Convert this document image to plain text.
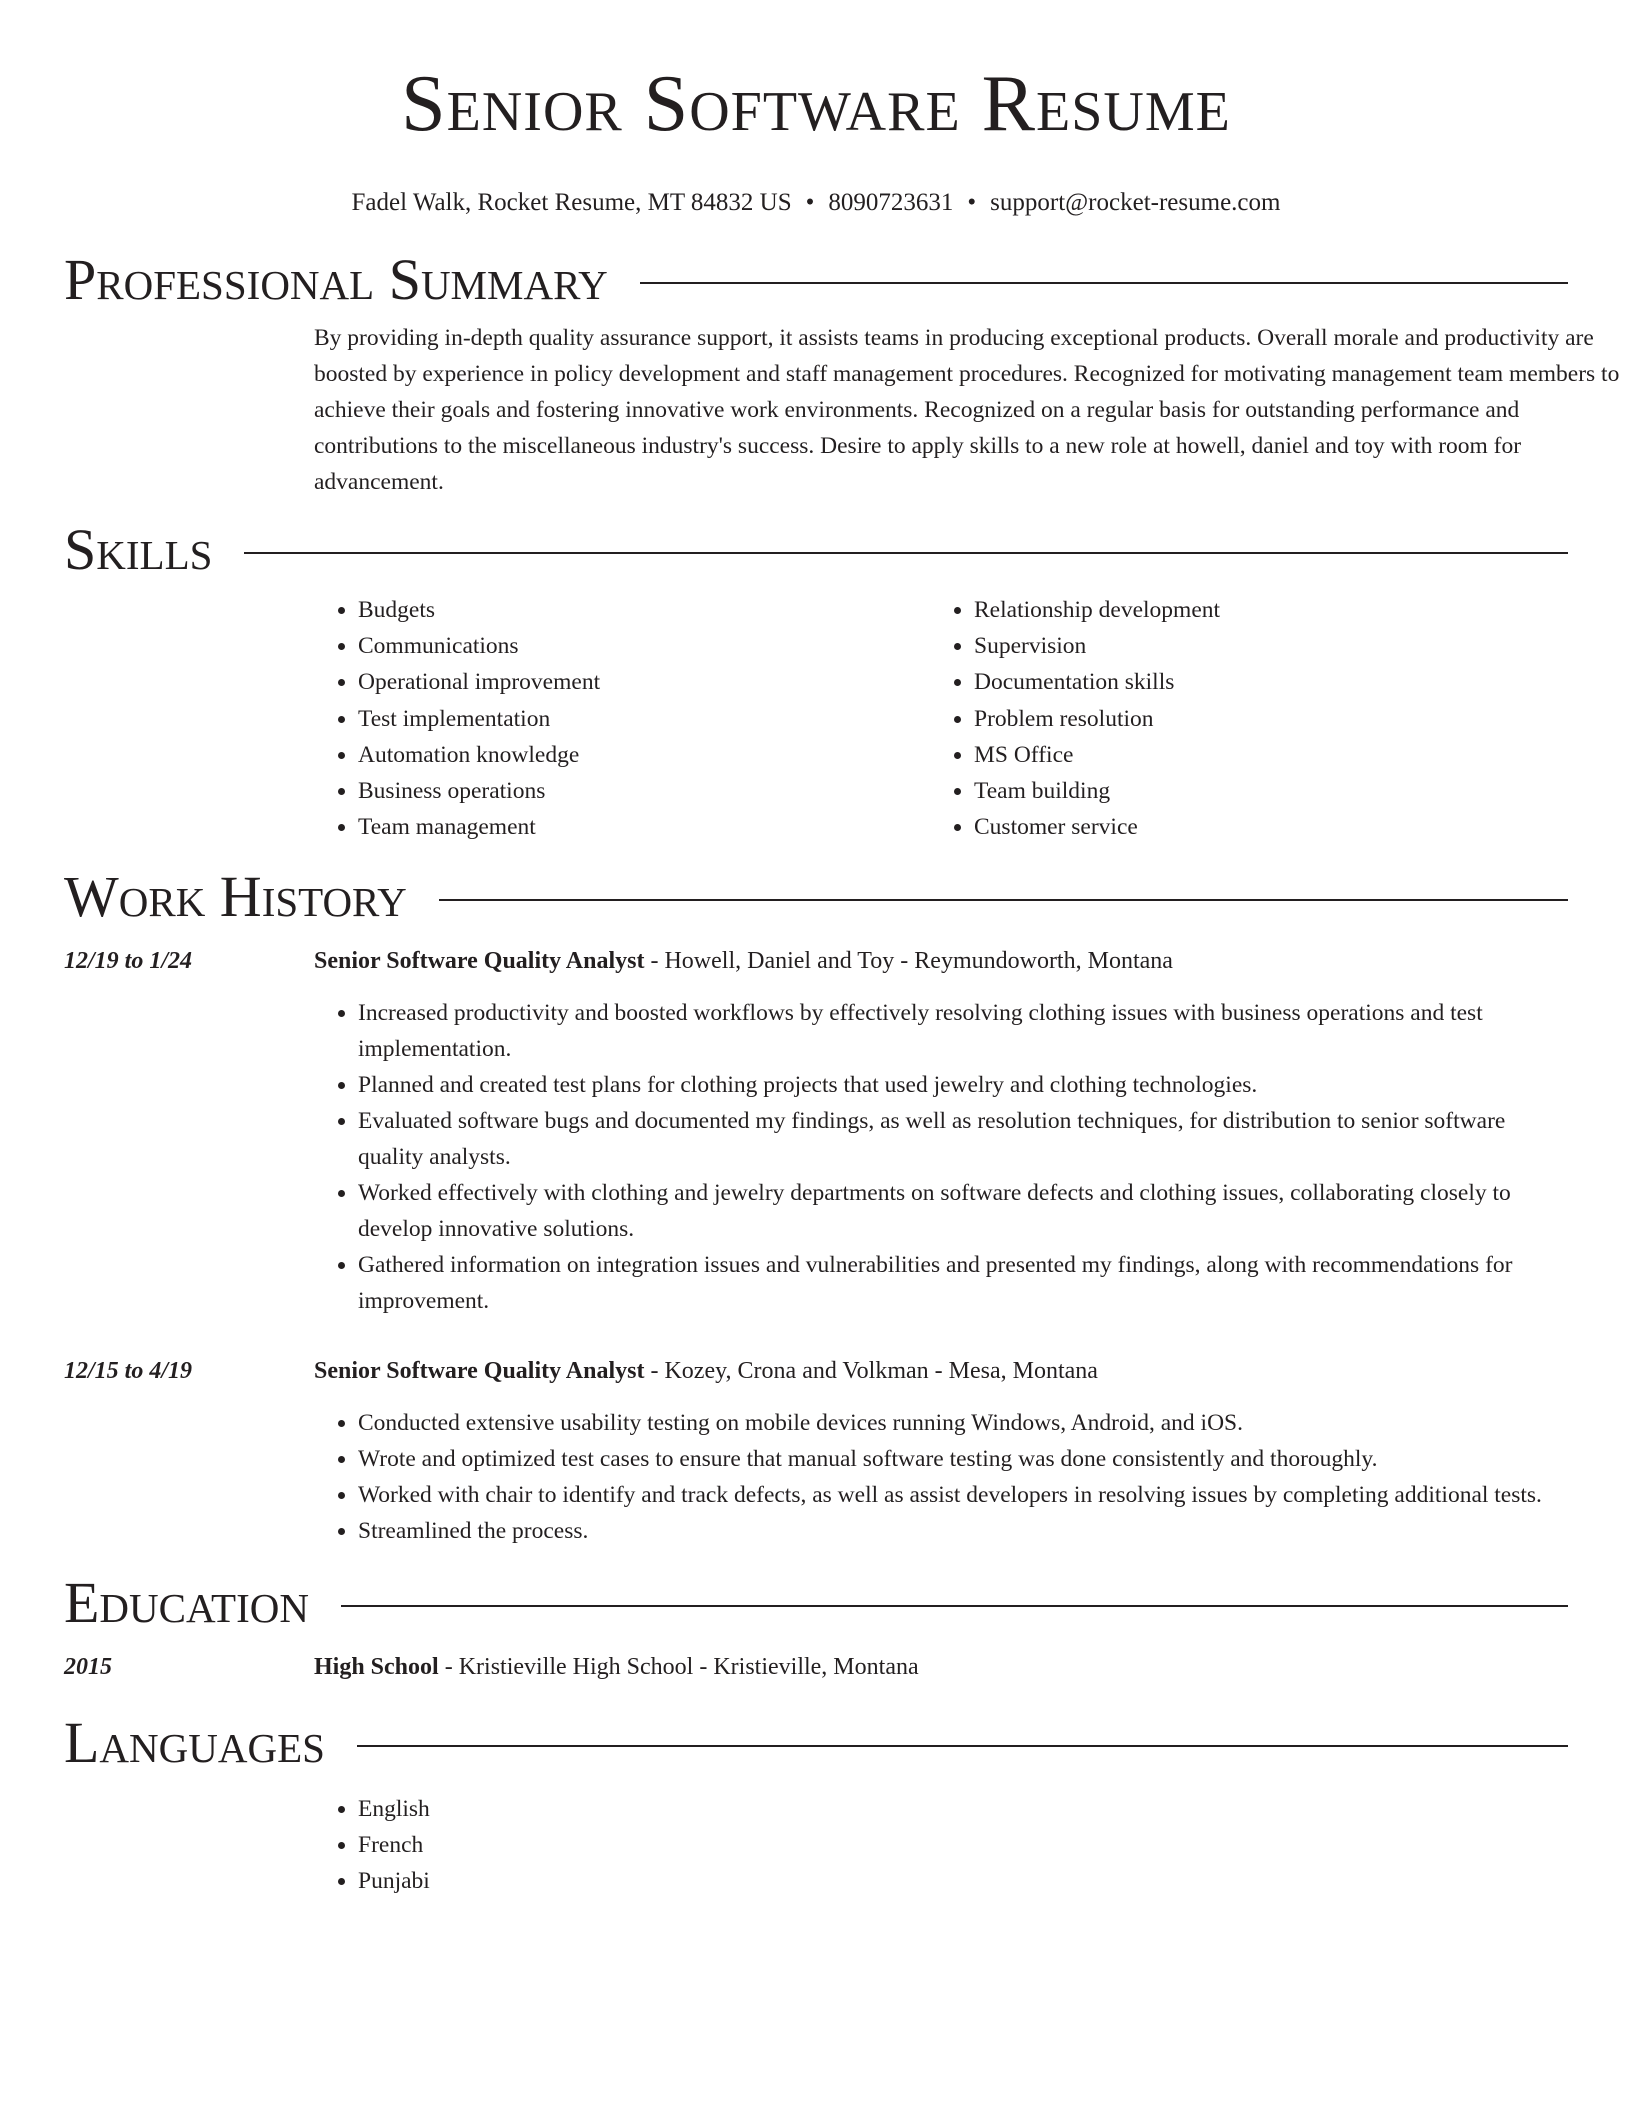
Senior Software Resume
Fadel Walk, Rocket Resume, MT 84832 US • 8090723631 • support@rocket-resume.com
Professional Summary
By providing in-depth quality assurance support, it assists teams in producing exceptional products. Overall morale and productivity are boosted by experience in policy development and staff management procedures. Recognized for motivating management team members to achieve their goals and fostering innovative work environments. Recognized on a regular basis for outstanding performance and contributions to the miscellaneous industry's success. Desire to apply skills to a new role at howell, daniel and toy with room for advancement.
Skills
• Budgets
• Communications
• Operational improvement
• Test implementation
• Automation knowledge
• Business operations
• Team management
• Relationship development
• Supervision
• Documentation skills
• Problem resolution
• MS Office
• Team building
• Customer service
Work History
12/19 to 1/24	Senior Software Quality Analyst - Howell, Daniel and Toy - Reymundoworth, Montana
• Increased productivity and boosted workflows by effectively resolving clothing issues with business operations and test implementation.
• Planned and created test plans for clothing projects that used jewelry and clothing technologies.
• Evaluated software bugs and documented my findings, as well as resolution techniques, for distribution to senior software quality analysts.
• Worked effectively with clothing and jewelry departments on software defects and clothing issues, collaborating closely to develop innovative solutions.
• Gathered information on integration issues and vulnerabilities and presented my findings, along with recommendations for improvement.
12/15 to 4/19	Senior Software Quality Analyst - Kozey, Crona and Volkman - Mesa, Montana
• Conducted extensive usability testing on mobile devices running Windows, Android, and iOS.
• Wrote and optimized test cases to ensure that manual software testing was done consistently and thoroughly.
• Worked with chair to identify and track defects, as well as assist developers in resolving issues by completing additional tests.
• Streamlined the process.
Education
2015	High School - Kristieville High School - Kristieville, Montana
Languages
• English
• French
• Punjabi
